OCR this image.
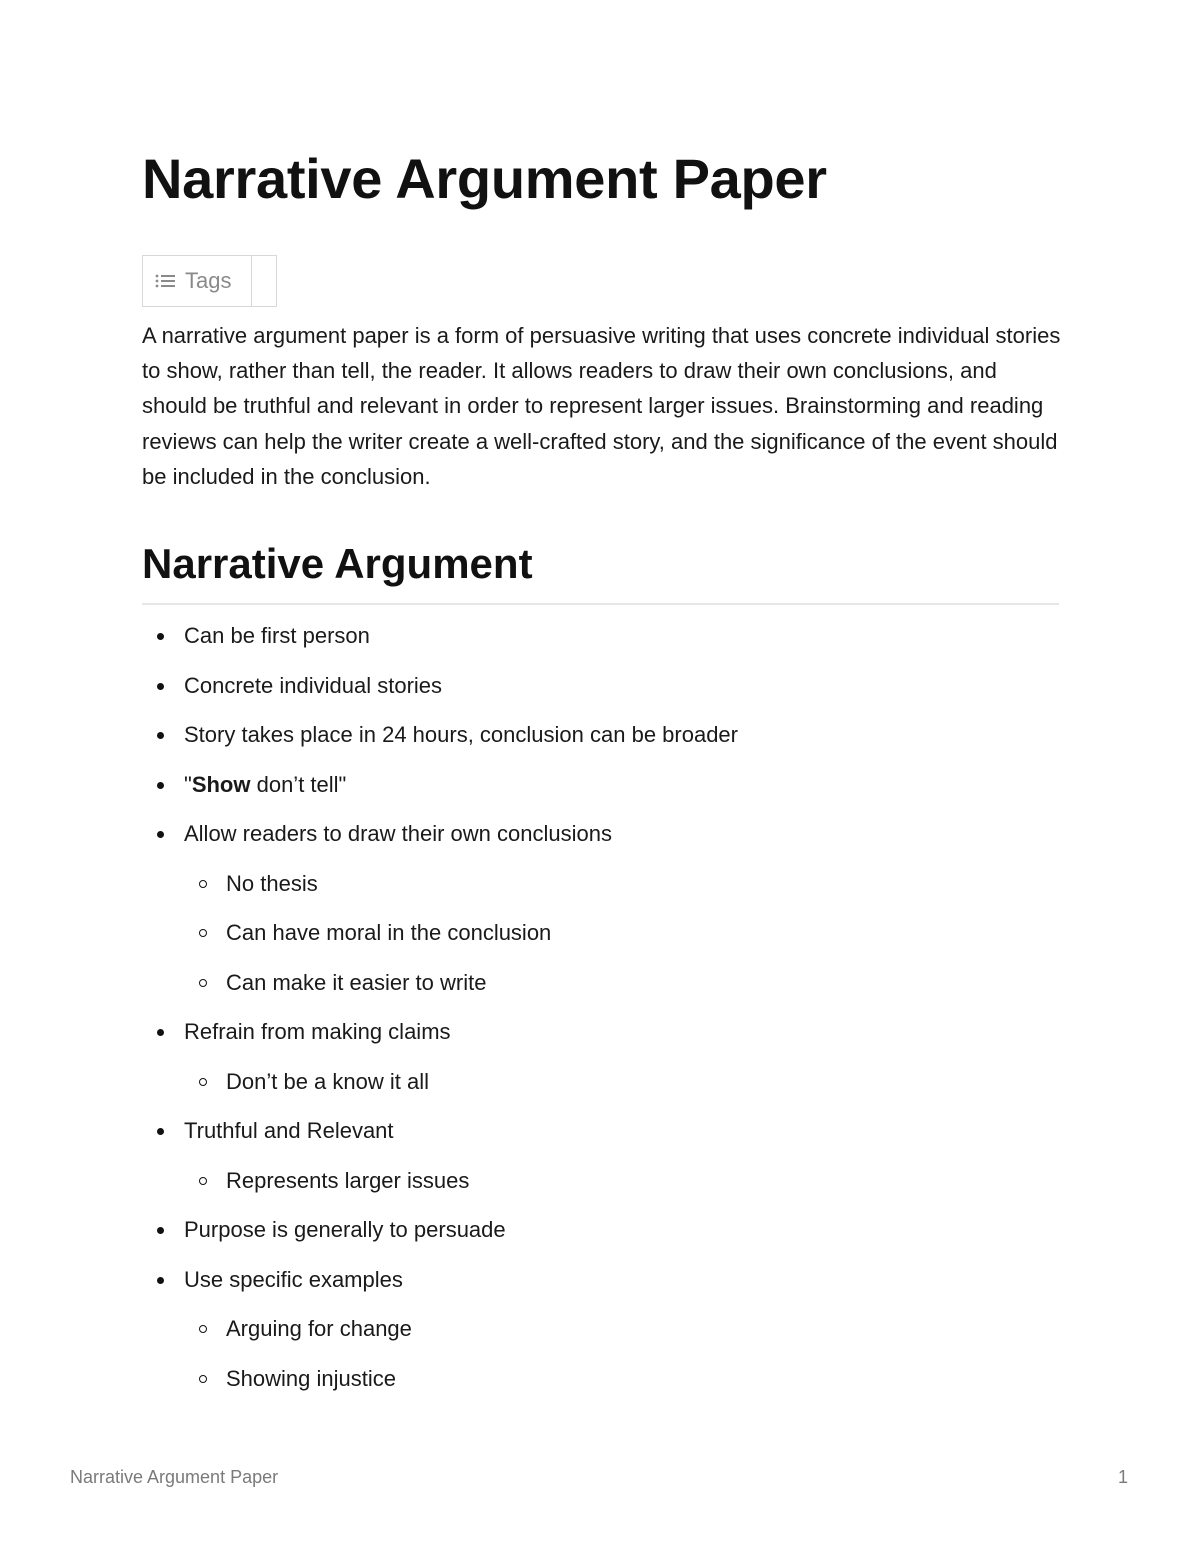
Narrative Argument Paper
Tags

A narrative argument paper is a form of persuasive writing that uses concrete individual stories to show, rather than tell, the reader. It allows readers to draw their own conclusions, and should be truthful and relevant in order to represent larger issues. Brainstorming and reading reviews can help the writer create a well-crafted story, and the significance of the event should be included in the conclusion.

Narrative Argument
Can be first person
Concrete individual stories
Story takes place in 24 hours, conclusion can be broader
"Show don’t tell"
Allow readers to draw their own conclusions
No thesis
Can have moral in the conclusion
Can make it easier to write
Refrain from making claims
Don’t be a know it all
Truthful and Relevant
Represents larger issues
Purpose is generally to persuade
Use specific examples
Arguing for change
Showing injustice
Narrative Argument Paper	1
